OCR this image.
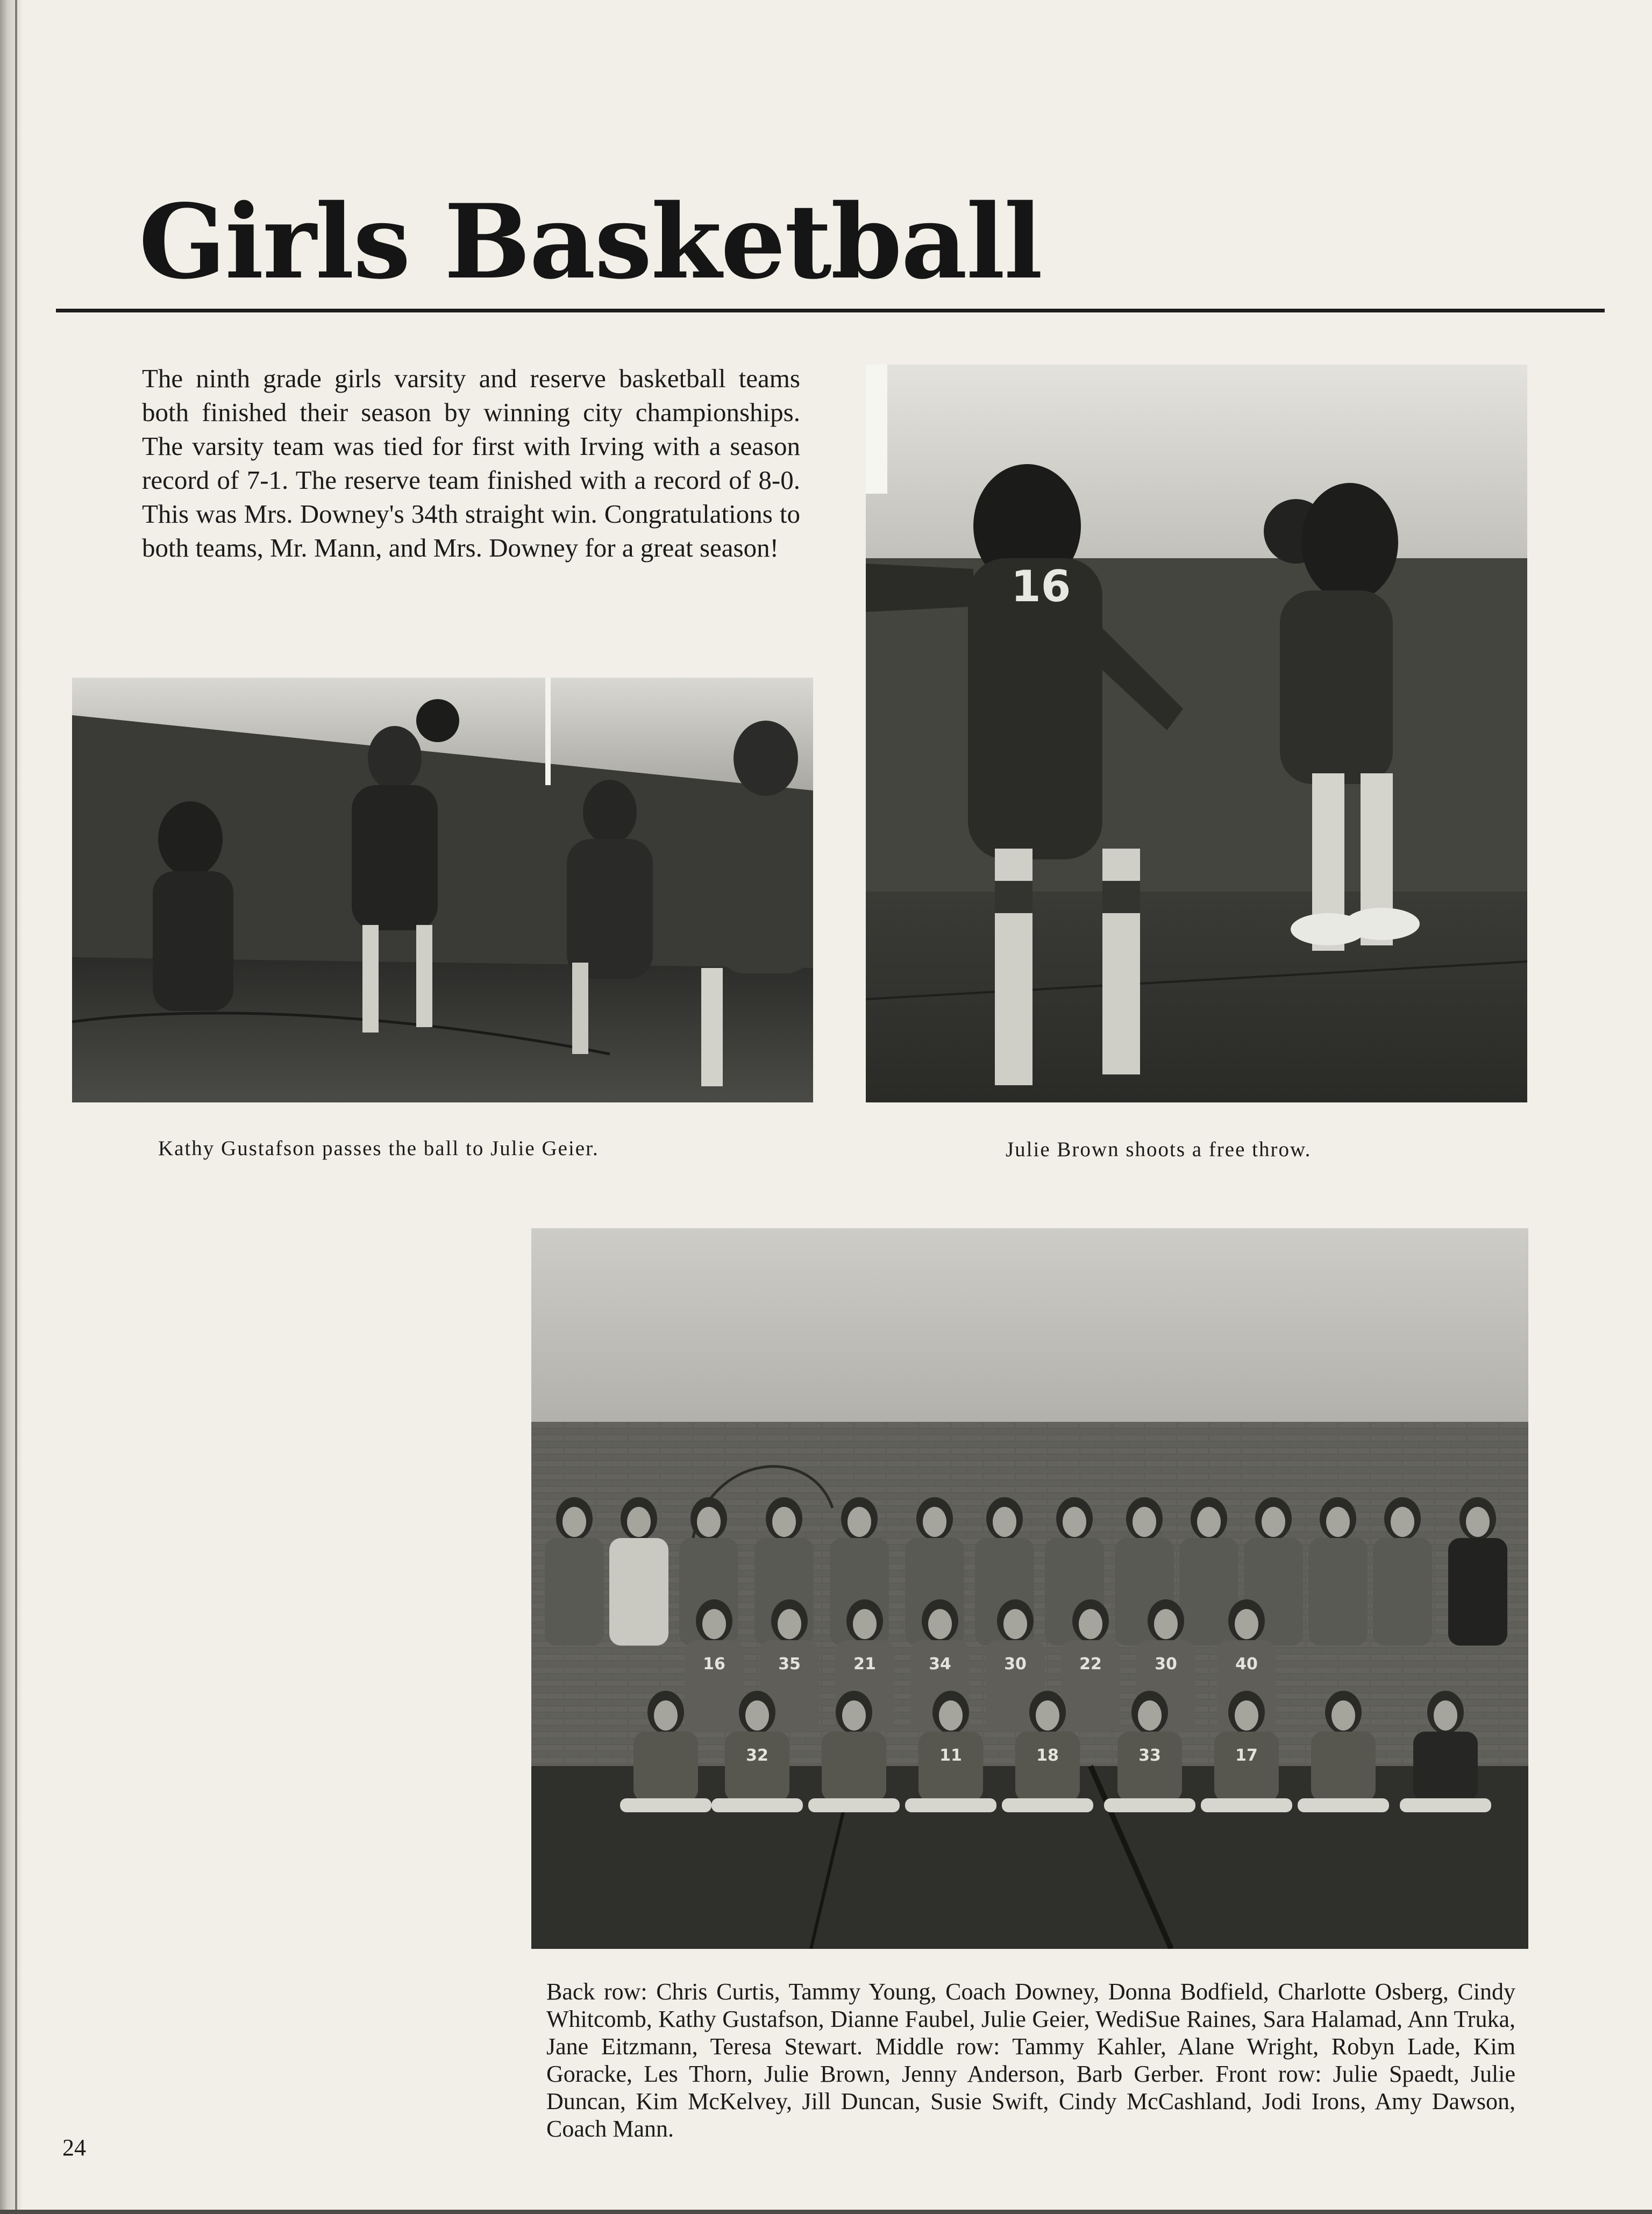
Girls Basketball

The ninth grade girls varsity and reserve basketball teams both finished their season by winning city championships. The varsity team was tied for first with Irving with a season record of 7-1. The reserve team finished with a record of 8-0. This was Mrs. Downey's 34th straight win. Congratulations to both teams, Mr. Mann, and Mrs. Downey for a great season!

Kathy Gustafson passes the ball to Julie Geier.

16

Julie Brown shoots a free throw.

16	35	21	34	30	22	30	40
32	11	18	33	17

Back row: Chris Curtis, Tammy Young, Coach Downey, Donna Bodfield, Charlotte Osberg, Cindy Whitcomb, Kathy Gustafson, Dianne Faubel, Julie Geier, WediSue Raines, Sara Halamad, Ann Truka, Jane Eitzmann, Teresa Stewart. Middle row: Tammy Kahler, Alane Wright, Robyn Lade, Kim Goracke, Les Thorn, Julie Brown, Jenny Anderson, Barb Gerber. Front row: Julie Spaedt, Julie Duncan, Kim McKelvey, Jill Duncan, Susie Swift, Cindy McCashland, Jodi Irons, Amy Dawson, Coach Mann.

24
